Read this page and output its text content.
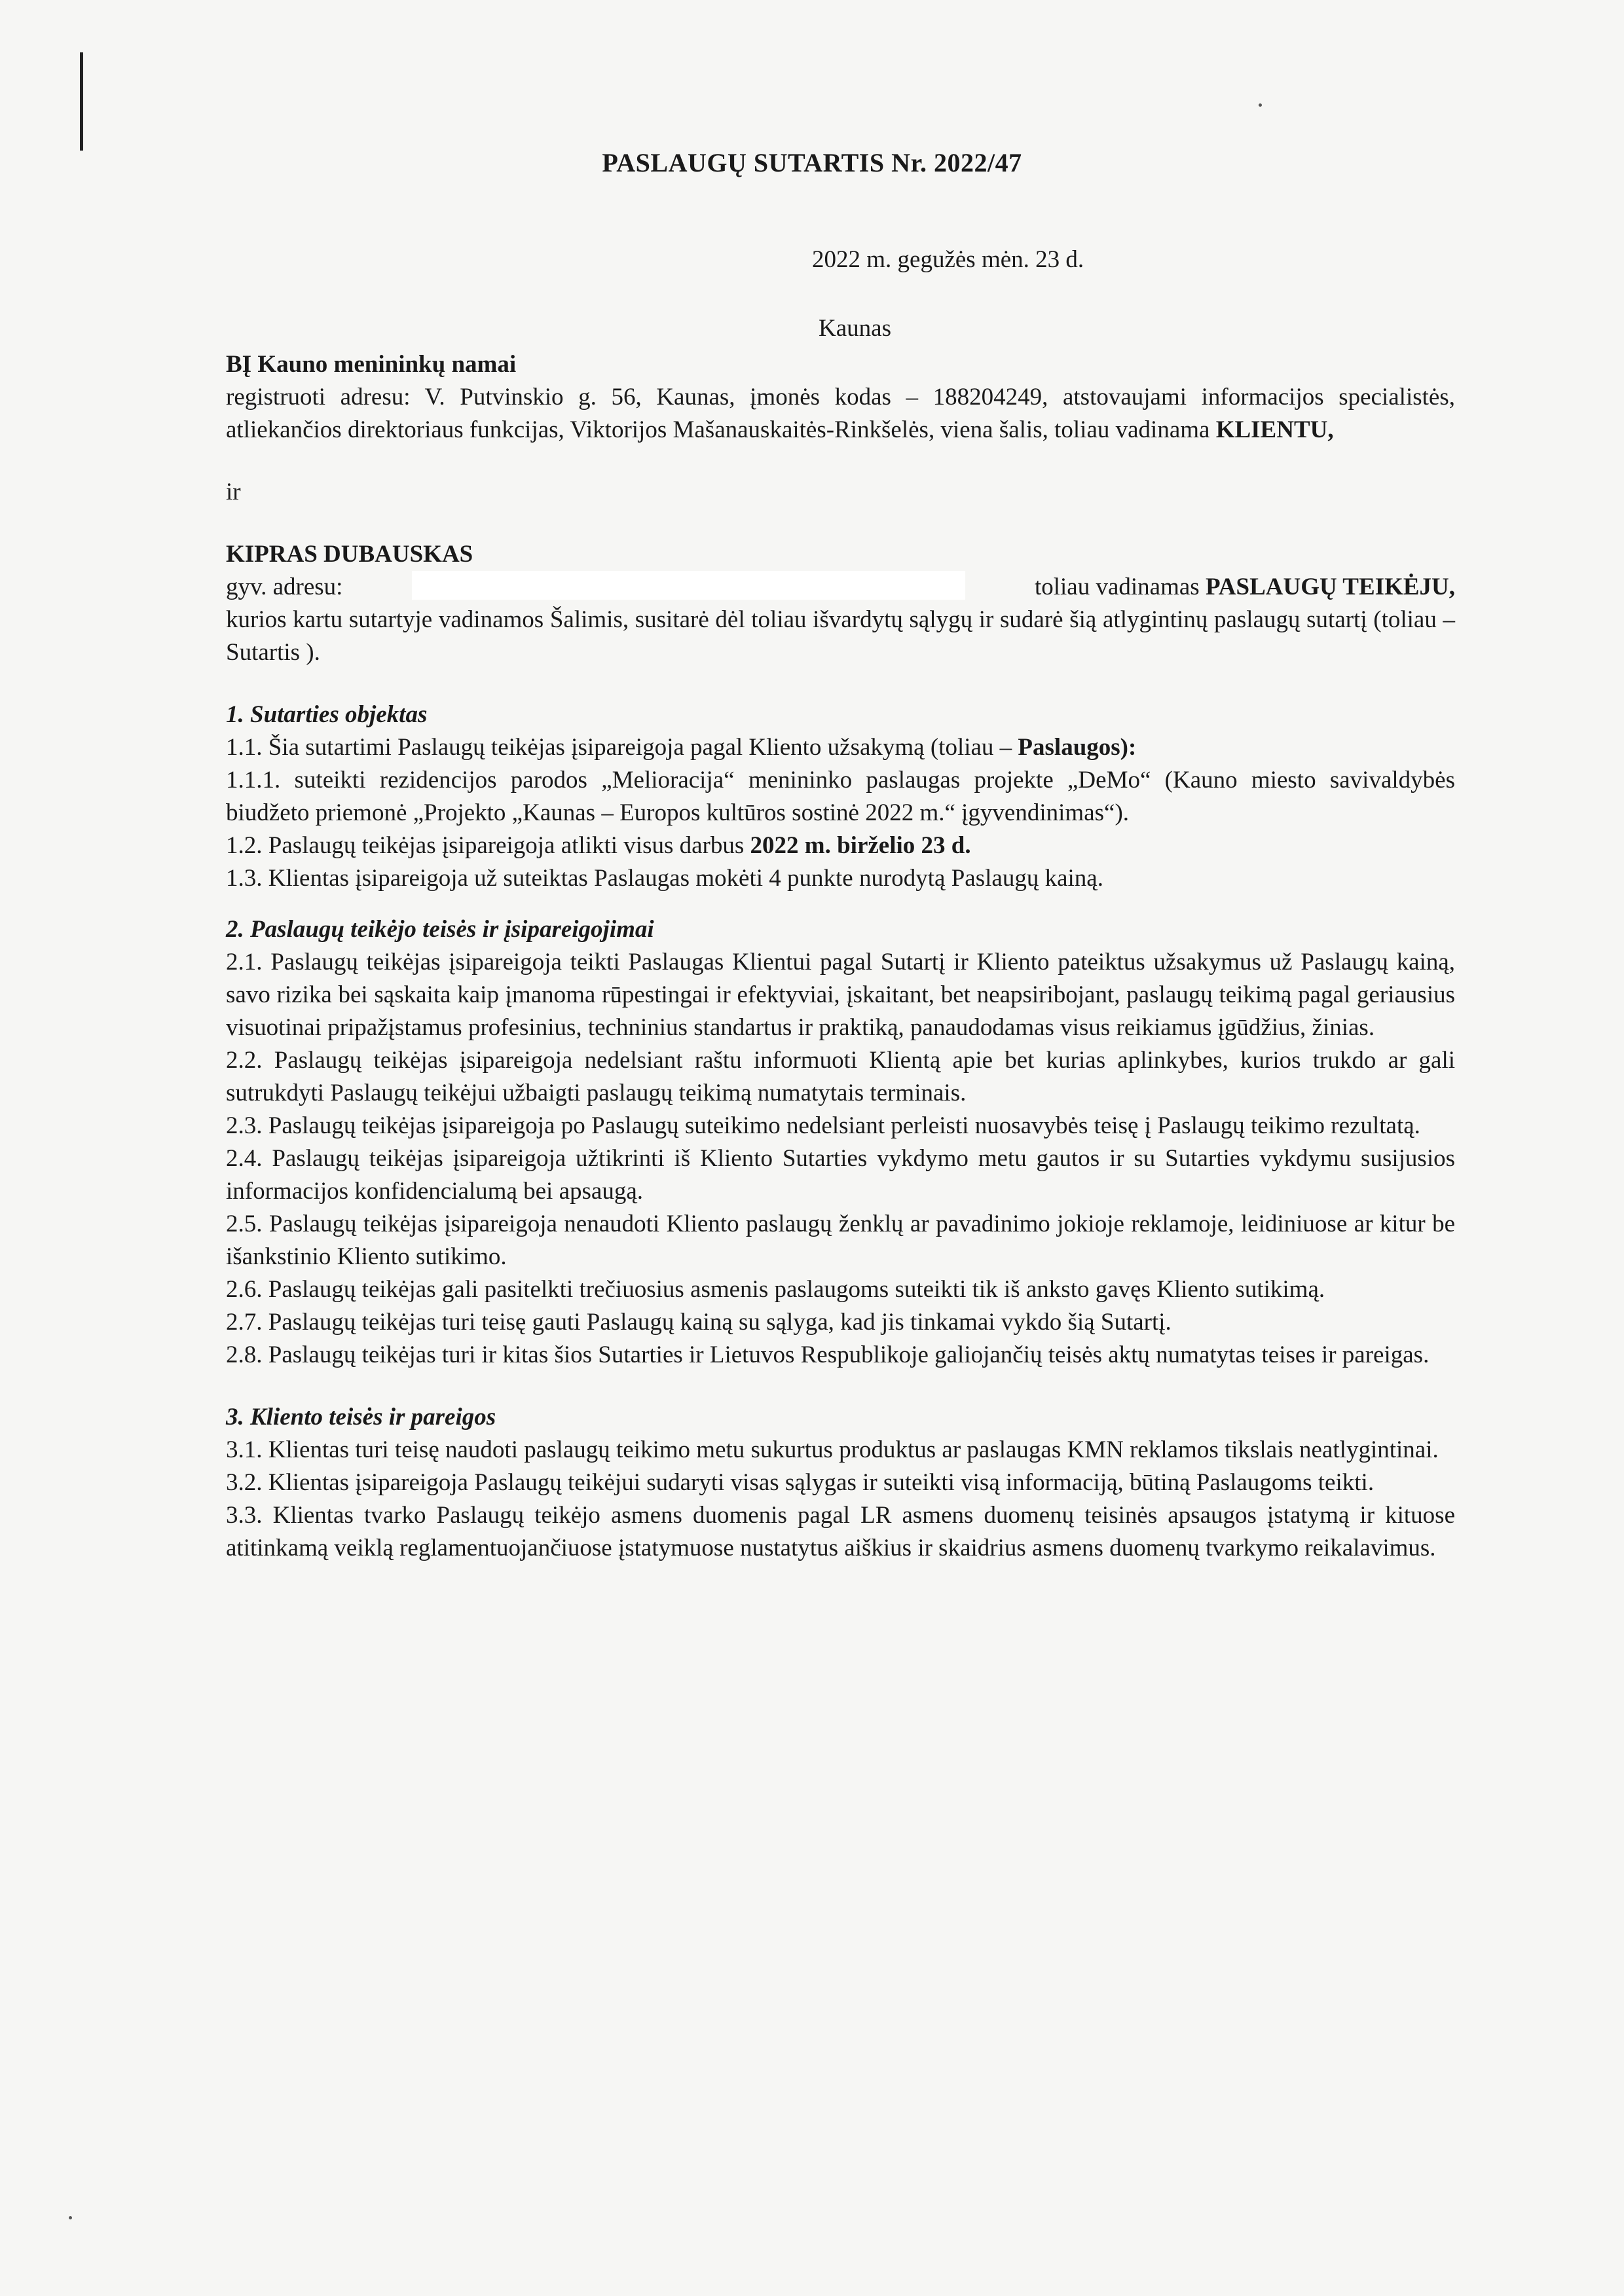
PASLAUGŲ SUTARTIS Nr. 2022/47
2022 m. gegužės mėn. 23 d.
Kaunas

BĮ Kauno menininkų namai

registruoti adresu: V. Putvinskio g. 56, Kaunas, įmonės kodas – 188204249, atstovaujami informacijos specialistės, atliekančios direktoriaus funkcijas, Viktorijos Mašanauskaitės-Rinkšelės, viena šalis, toliau vadinama KLIENTU,

ir

KIPRAS DUBAUSKAS

gyv. adresu:	toliau vadinamas PASLAUGŲ TEIKĖJU,

kurios kartu sutartyje vadinamos Šalimis, susitarė dėl toliau išvardytų sąlygų ir sudarė šią atlygintinų paslaugų sutartį (toliau – Sutartis ).

1. Sutarties objektas

1.1. Šia sutartimi Paslaugų teikėjas įsipareigoja pagal Kliento užsakymą (toliau – Paslaugos):

1.1.1. suteikti rezidencijos parodos „Melioracija“ menininko paslaugas projekte „DeMo“ (Kauno miesto savivaldybės biudžeto priemonė „Projekto „Kaunas – Europos kultūros sostinė 2022 m.“ įgyvendinimas“).

1.2. Paslaugų teikėjas įsipareigoja atlikti visus darbus 2022 m. birželio 23 d.

1.3. Klientas įsipareigoja už suteiktas Paslaugas mokėti 4 punkte nurodytą Paslaugų kainą.

2. Paslaugų teikėjo teisės ir įsipareigojimai

2.1. Paslaugų teikėjas įsipareigoja teikti Paslaugas Klientui pagal Sutartį ir Kliento pateiktus užsakymus už Paslaugų kainą, savo rizika bei sąskaita kaip įmanoma rūpestingai ir efektyviai, įskaitant, bet neapsiribojant, paslaugų teikimą pagal geriausius visuotinai pripažįstamus profesinius, techninius standartus ir praktiką, panaudodamas visus reikiamus įgūdžius, žinias.

2.2. Paslaugų teikėjas įsipareigoja nedelsiant raštu informuoti Klientą apie bet kurias aplinkybes, kurios trukdo ar gali sutrukdyti Paslaugų teikėjui užbaigti paslaugų teikimą numatytais terminais.

2.3. Paslaugų teikėjas įsipareigoja po Paslaugų suteikimo nedelsiant perleisti nuosavybės teisę į Paslaugų teikimo rezultatą.

2.4. Paslaugų teikėjas įsipareigoja užtikrinti iš Kliento Sutarties vykdymo metu gautos ir su Sutarties vykdymu susijusios informacijos konfidencialumą bei apsaugą.

2.5. Paslaugų teikėjas įsipareigoja nenaudoti Kliento paslaugų ženklų ar pavadinimo jokioje reklamoje, leidiniuose ar kitur be išankstinio Kliento sutikimo.

2.6. Paslaugų teikėjas gali pasitelkti trečiuosius asmenis paslaugoms suteikti tik iš anksto gavęs Kliento sutikimą.

2.7. Paslaugų teikėjas turi teisę gauti Paslaugų kainą su sąlyga, kad jis tinkamai vykdo šią Sutartį.

2.8. Paslaugų teikėjas turi ir kitas šios Sutarties ir Lietuvos Respublikoje galiojančių teisės aktų numatytas teises ir pareigas.

3. Kliento teisės ir pareigos

3.1. Klientas turi teisę naudoti paslaugų teikimo metu sukurtus produktus ar paslaugas KMN reklamos tikslais neatlygintinai.

3.2. Klientas įsipareigoja Paslaugų teikėjui sudaryti visas sąlygas ir suteikti visą informaciją, būtiną Paslaugoms teikti.

3.3. Klientas tvarko Paslaugų teikėjo asmens duomenis pagal LR asmens duomenų teisinės apsaugos įstatymą ir kituose atitinkamą veiklą reglamentuojančiuose įstatymuose nustatytus aiškius ir skaidrius asmens duomenų tvarkymo reikalavimus.
